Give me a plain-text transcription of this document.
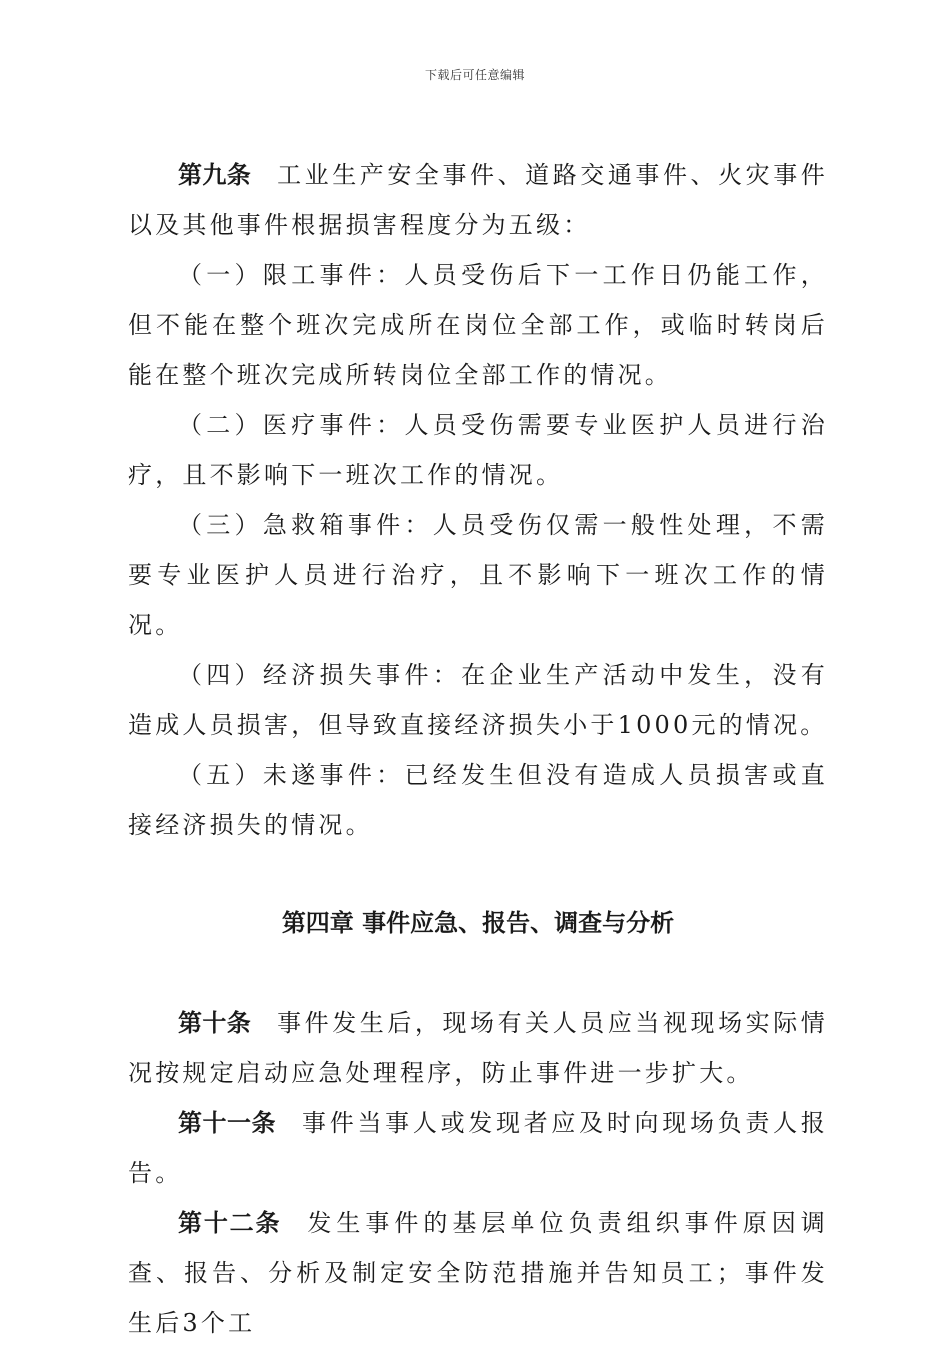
下载后可任意编辑

第九条 工业生产安全事件、道路交通事件、火灾事件以及其他事件根据损害程度分为五级：

（一）限工事件：人员受伤后下一工作日仍能工作，但不能在整个班次完成所在岗位全部工作，或临时转岗后能在整个班次完成所转岗位全部工作的情况。

（二）医疗事件：人员受伤需要专业医护人员进行治疗，且不影响下一班次工作的情况。

（三）急救箱事件：人员受伤仅需一般性处理，不需要专业医护人员进行治疗，且不影响下一班次工作的情况。

（四）经济损失事件：在企业生产活动中发生，没有造成人员损害，但导致直接经济损失小于1000元的情况。

（五）未遂事件：已经发生但没有造成人员损害或直接经济损失的情况。

第四章 事件应急、报告、调查与分析

第十条 事件发生后，现场有关人员应当视现场实际情况按规定启动应急处理程序，防止事件进一步扩大。

第十一条 事件当事人或发现者应及时向现场负责人报告。

第十二条 发生事件的基层单位负责组织事件原因调查、报告、分析及制定安全防范措施并告知员工；事件发生后3个工
